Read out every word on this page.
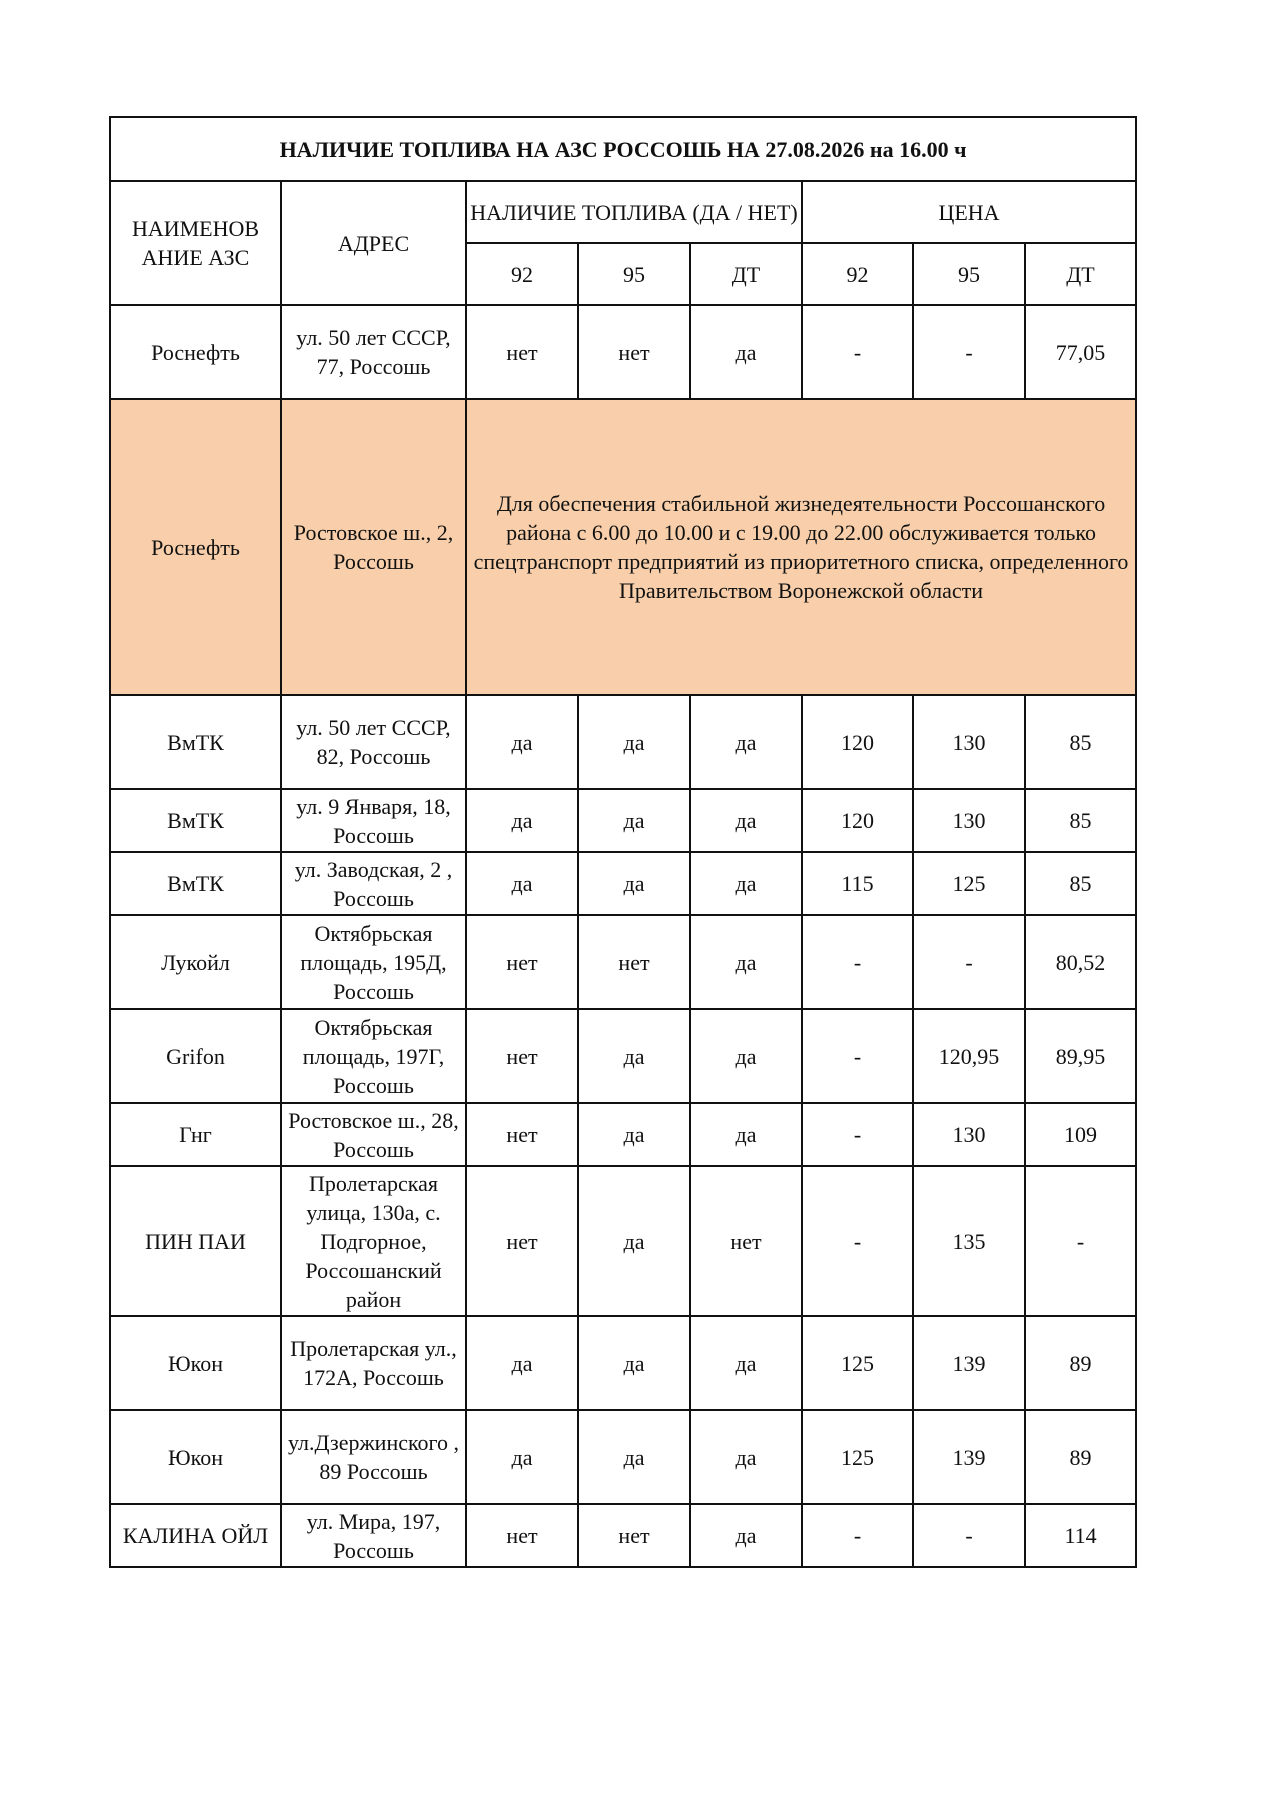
НАЛИЧИЕ ТОПЛИВА НА АЗС РОССОШЬ НА 27.08.2026 на 16.00 ч							
НАИМЕНОВ АНИЕ АЗС	АДРЕС	НАЛИЧИЕ ТОПЛИВА (ДА / НЕТ)			ЦЕНА		
		92	95	ДТ	92	95	ДТ
Роснефть	ул. 50 лет СССР, 77, Россошь	нет	нет	да	-	-	77,05
Роснефть	Ростовское ш., 2, Россошь	Для обеспечения стабильной жизнедеятельности Россошанского района с 6.00 до 10.00 и с 19.00 до 22.00 обслуживается только спецтранспорт предприятий из приоритетного списка, определенного Правительством Воронежской области					
ВмТК	ул. 50 лет СССР, 82, Россошь	да	да	да	120	130	85
ВмТК	ул. 9 Января, 18, Россошь	да	да	да	120	130	85
ВмТК	ул. Заводская, 2 , Россошь	да	да	да	115	125	85
Лукойл	Октябрьская площадь, 195Д, Россошь	нет	нет	да	-	-	80,52
Grifon	Октябрьская площадь, 197Г, Россошь	нет	да	да	-	120,95	89,95
Гнг	Ростовское ш., 28, Россошь	нет	да	да	-	130	109
ПИН ПАИ	Пролетарская улица, 130а, с. Подгорное, Россошанский район	нет	да	нет	-	135	-
Юкон	Пролетарская ул., 172А, Россошь	да	да	да	125	139	89
Юкон	ул.Дзержинского , 89 Россошь	да	да	да	125	139	89
КАЛИНА ОЙЛ	ул. Мира, 197, Россошь	нет	нет	да	-	-	114
